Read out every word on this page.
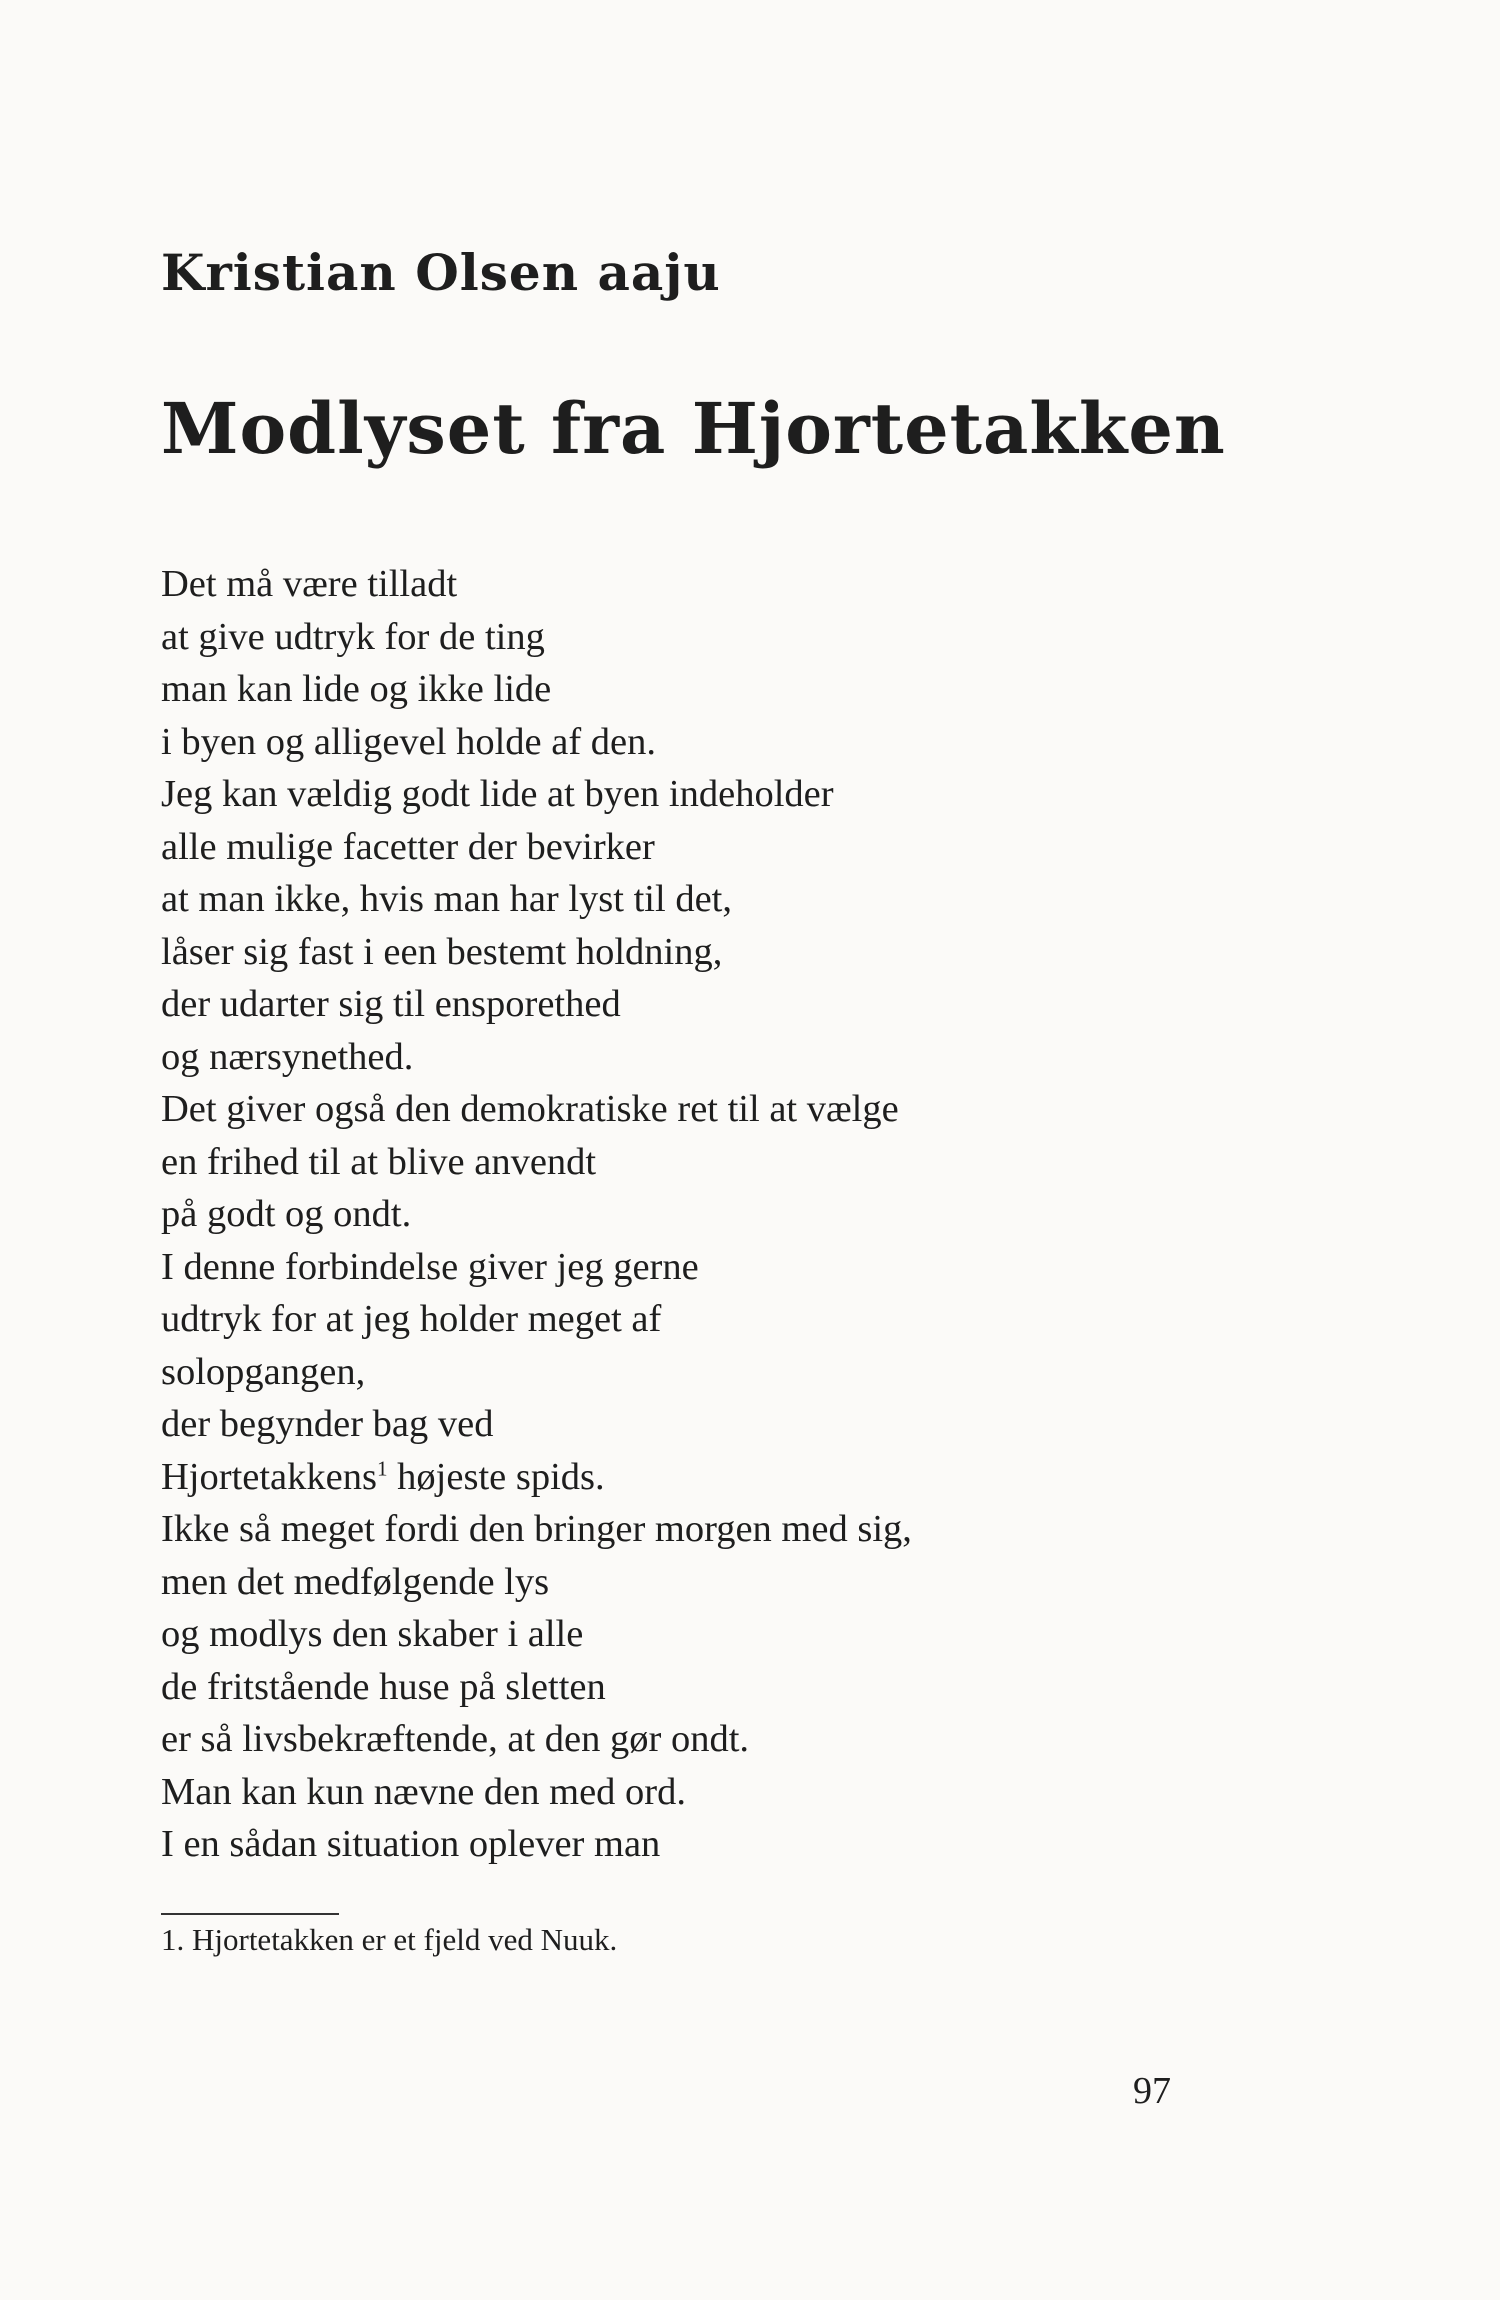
Kristian Olsen aaju
Modlyset fra Hjortetakken
Det må være tilladt
at give udtryk for de ting
man kan lide og ikke lide
i byen og alligevel holde af den.
Jeg kan vældig godt lide at byen indeholder
alle mulige facetter der bevirker
at man ikke, hvis man har lyst til det,
låser sig fast i een bestemt holdning,
der udarter sig til ensporethed
og nærsynethed.
Det giver også den demokratiske ret til at vælge
en frihed til at blive anvendt
på godt og ondt.
I denne forbindelse giver jeg gerne
udtryk for at jeg holder meget af
solopgangen,
der begynder bag ved
Hjortetakkens$^1$ højeste spids.
Ikke så meget fordi den bringer morgen med sig,
men det medfølgende lys
og modlys den skaber i alle
de fritstående huse på sletten
er så livsbekræftende, at den gør ondt.
Man kan kun nævne den med ord.
I en sådan situation oplever man

1. Hjortetakken er et fjeld ved Nuuk.

97
